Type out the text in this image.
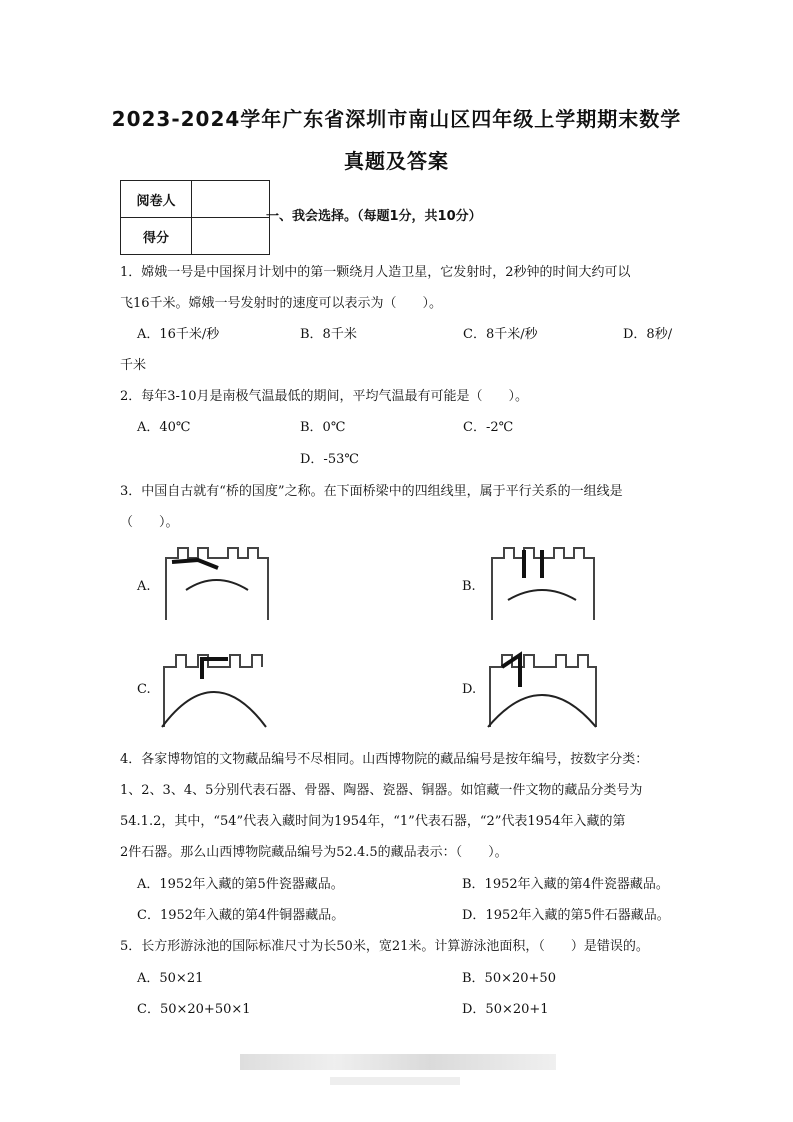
2023-2024学年广东省深圳市南山区四年级上学期期末数学
真题及答案
阅卷人	
得分	
一、我会选择。（每题1分，共10分）
1．嫦娥一号是中国探月计划中的第一颗绕月人造卫星，它发射时，2秒钟的时间大约可以
飞16千米。嫦娥一号发射时的速度可以表示为（　　）。
A．16千米/秒	B．8千米	C．8千米/秒	D．8秒/
千米
2．每年3-10月是南极气温最低的期间，平均气温最有可能是（　　）。
A．40℃	B．0℃	C．-2℃
D．-53℃
3．中国自古就有“桥的国度”之称。在下面桥梁中的四组线里，属于平行关系的一组线是
（　　）。
A.	B.
C.	D.
4．各家博物馆的文物藏品编号不尽相同。山西博物院的藏品编号是按年编号，按数字分类：
1、2、3、4、5分别代表石器、骨器、陶器、瓷器、铜器。如馆藏一件文物的藏品分类号为
54.1.2，其中，“54”代表入藏时间为1954年，“1”代表石器，“2”代表1954年入藏的第
2件石器。那么山西博物院藏品编号为52.4.5的藏品表示：（　　）。
A．1952年入藏的第5件瓷器藏品。	B．1952年入藏的第4件瓷器藏品。
C．1952年入藏的第4件铜器藏品。	D．1952年入藏的第5件石器藏品。
5．长方形游泳池的国际标准尺寸为长50米，宽21米。计算游泳池面积，（　　）是错误的。
A．50×21	B．50×20+50
C．50×20+50×1	D．50×20+1
